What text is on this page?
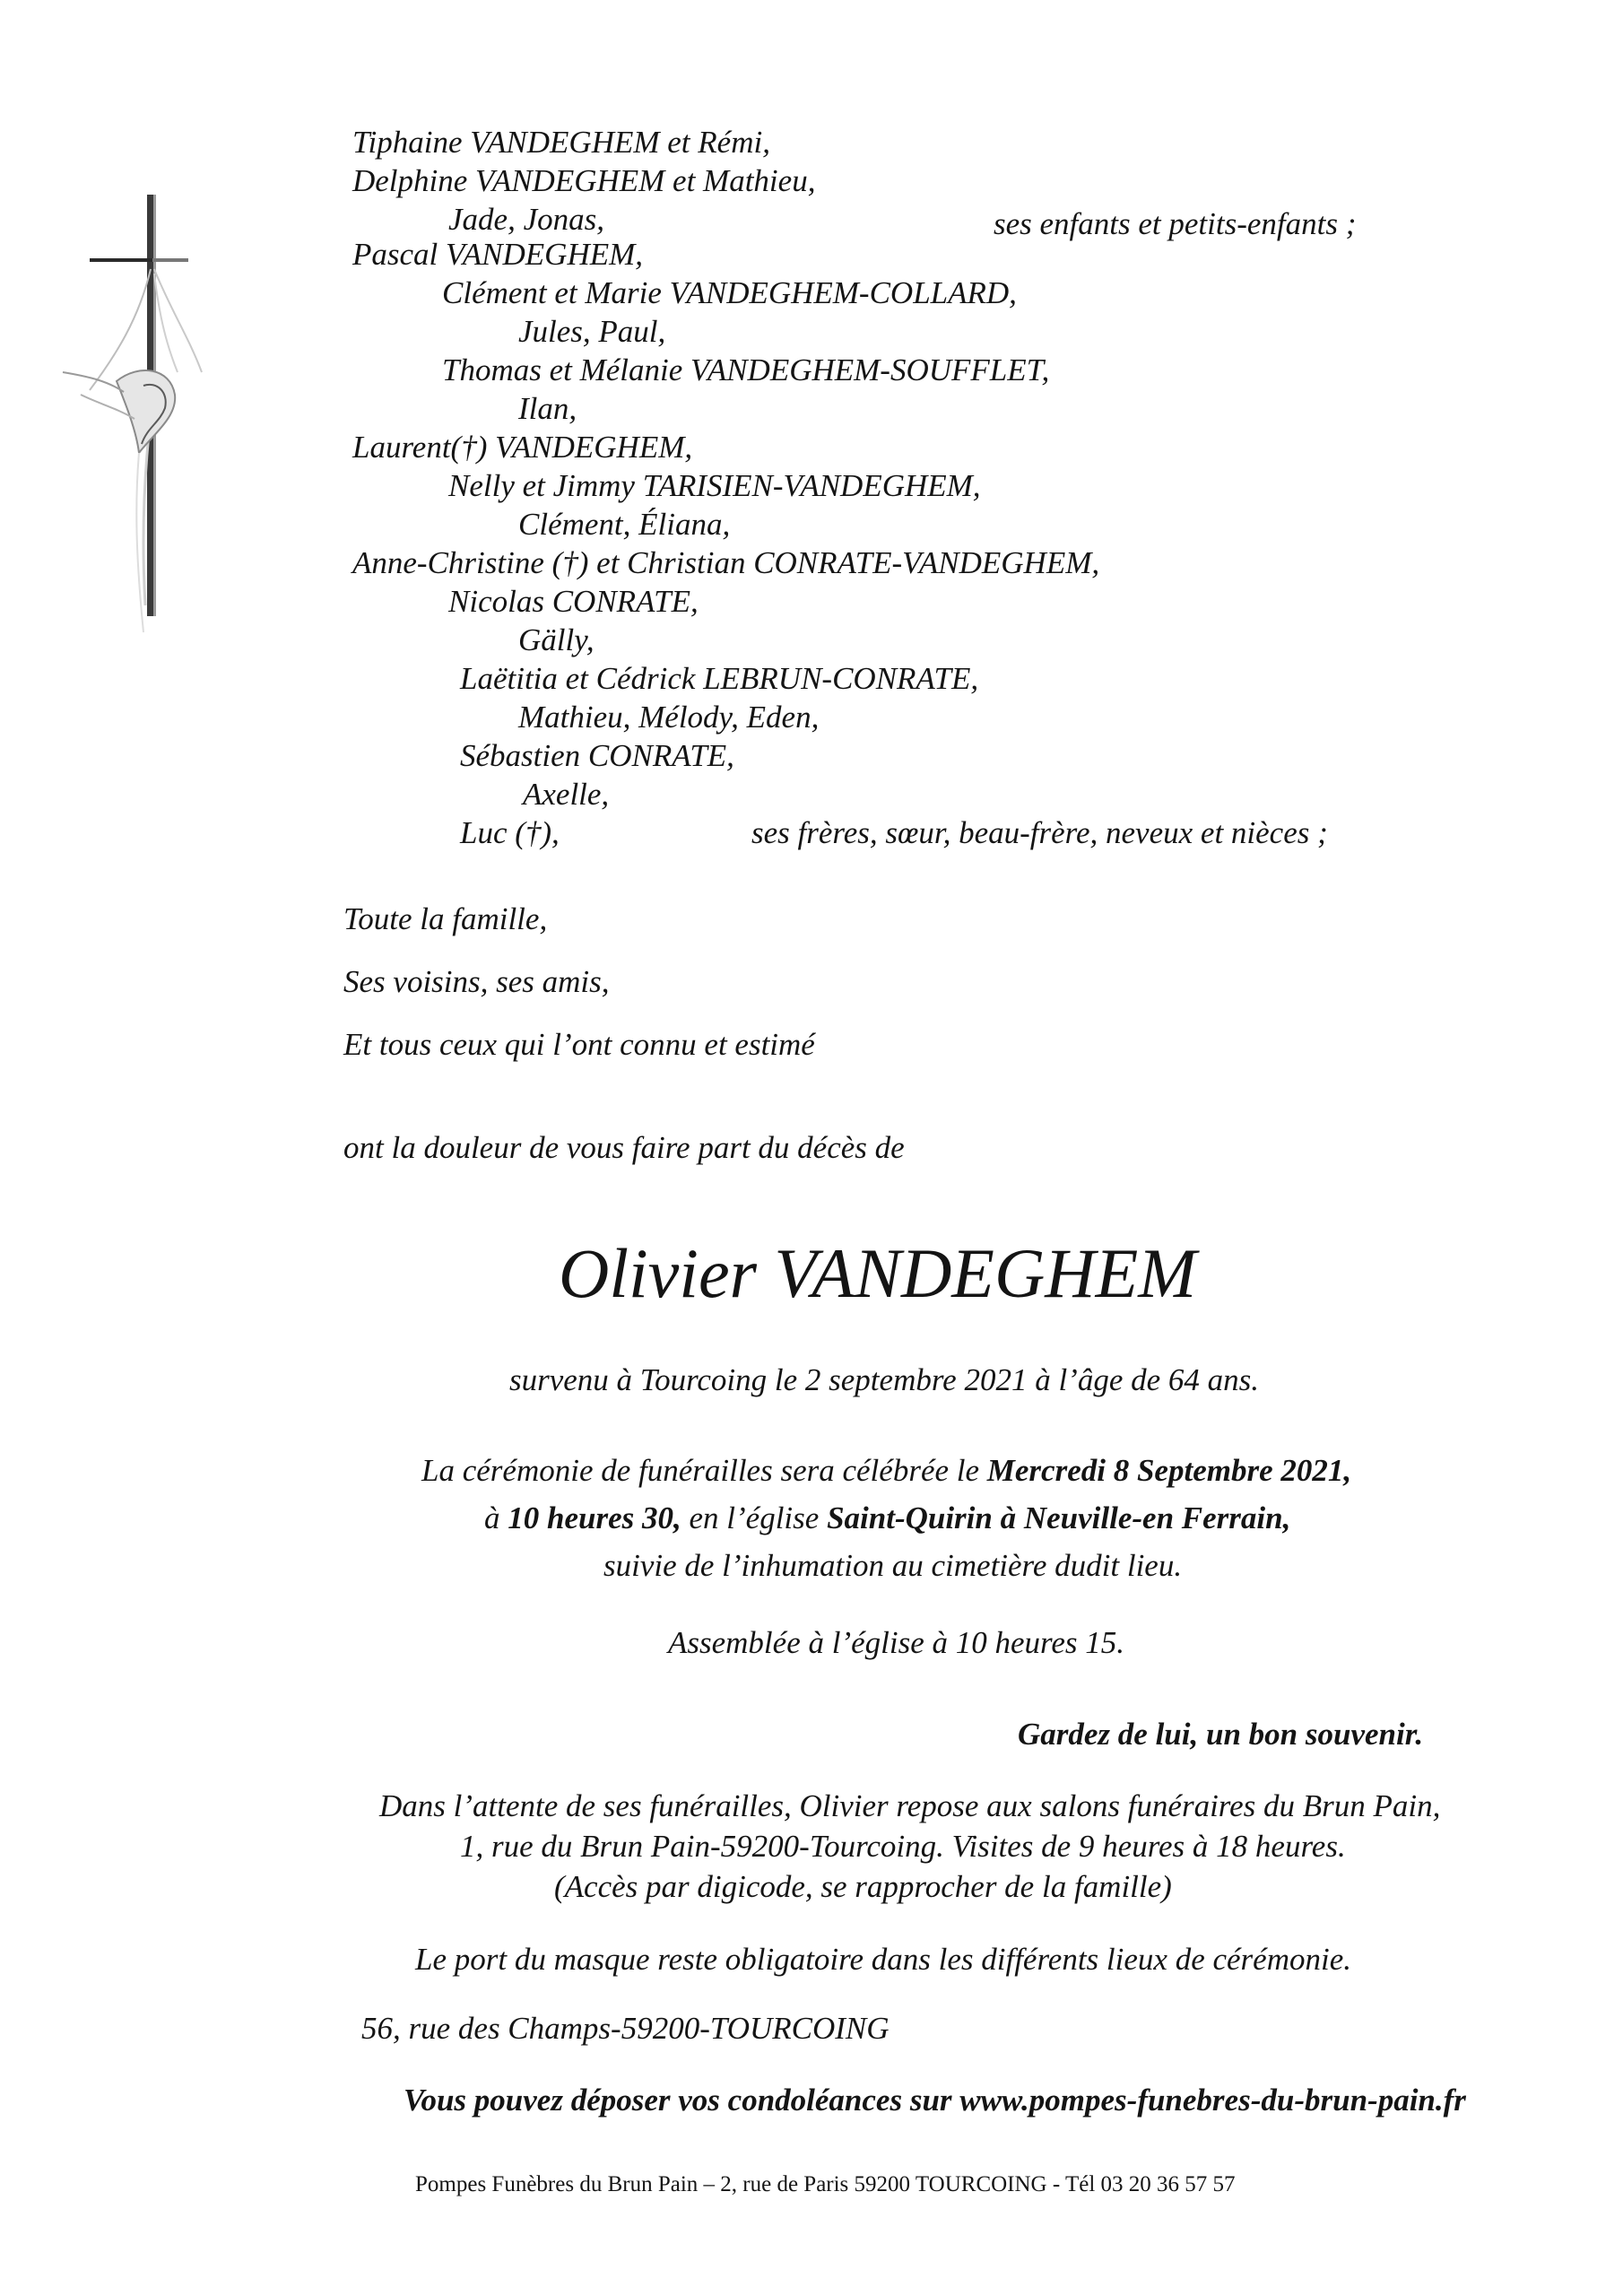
Tiphaine VANDEGHEM et Rémi,

Delphine VANDEGHEM et Mathieu,

Jade, Jonas,	ses enfants et petits-enfants ;

Pascal VANDEGHEM,

Clément et Marie VANDEGHEM-COLLARD,

Jules, Paul,

Thomas et Mélanie VANDEGHEM-SOUFFLET,

Ilan,

Laurent(†) VANDEGHEM,

Nelly et Jimmy TARISIEN-VANDEGHEM,

Clément, Éliana,

Anne-Christine (†) et Christian CONRATE-VANDEGHEM,

Nicolas CONRATE,

Gälly,

Laëtitia et Cédrick LEBRUN-CONRATE,

Mathieu, Mélody, Eden,

Sébastien CONRATE,

Axelle,

Luc (†),	ses frères, sœur, beau-frère, neveux et nièces ;

Toute la famille,

Ses voisins, ses amis,

Et tous ceux qui l’ont connu et estimé

ont la douleur de vous faire part du décès de

Olivier VANDEGHEM

survenu à Tourcoing le 2 septembre 2021 à l’âge de 64 ans.

La cérémonie de funérailles sera célébrée le Mercredi 8 Septembre 2021,

à 10 heures 30, en l’église Saint-Quirin à Neuville-en Ferrain,

suivie de l’inhumation au cimetière dudit lieu.

Assemblée à l’église à 10 heures 15.

Gardez de lui, un bon souvenir.

Dans l’attente de ses funérailles, Olivier repose aux salons funéraires du Brun Pain,

1, rue du Brun Pain-59200-Tourcoing. Visites de 9 heures à 18 heures.

(Accès par digicode, se rapprocher de la famille)

Le port du masque reste obligatoire dans les différents lieux de cérémonie.

56, rue des Champs-59200-TOURCOING

Vous pouvez déposer vos condoléances sur www.pompes-funebres-du-brun-pain.fr

Pompes Funèbres du Brun Pain – 2, rue de Paris 59200 TOURCOING - Tél 03 20 36 57 57
